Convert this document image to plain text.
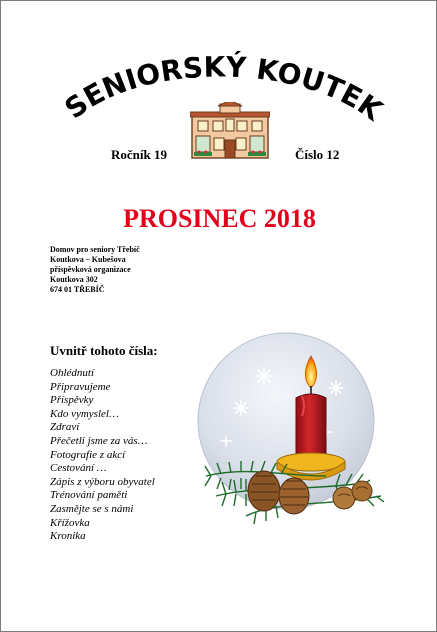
SENIORSKÝ KOUTEK
Ročník 19	Číslo 12
PROSINEC 2018
Domov pro seniory Třebíč
Koutkova – Kubešova
příspěvková organizace
Koutkova 302
674 01 TŘEBÍČ
Uvnitř tohoto čísla:
Ohlédnutí
Připravujeme
Příspěvky
Kdo vymyslel…
Zdraví
Přečetli jsme za vás…
Fotografie z akcí
Cestování …
Zápis z výboru obyvatel
Trénování paměti
Zasmějte se s námi
Křížovka
Kronika
